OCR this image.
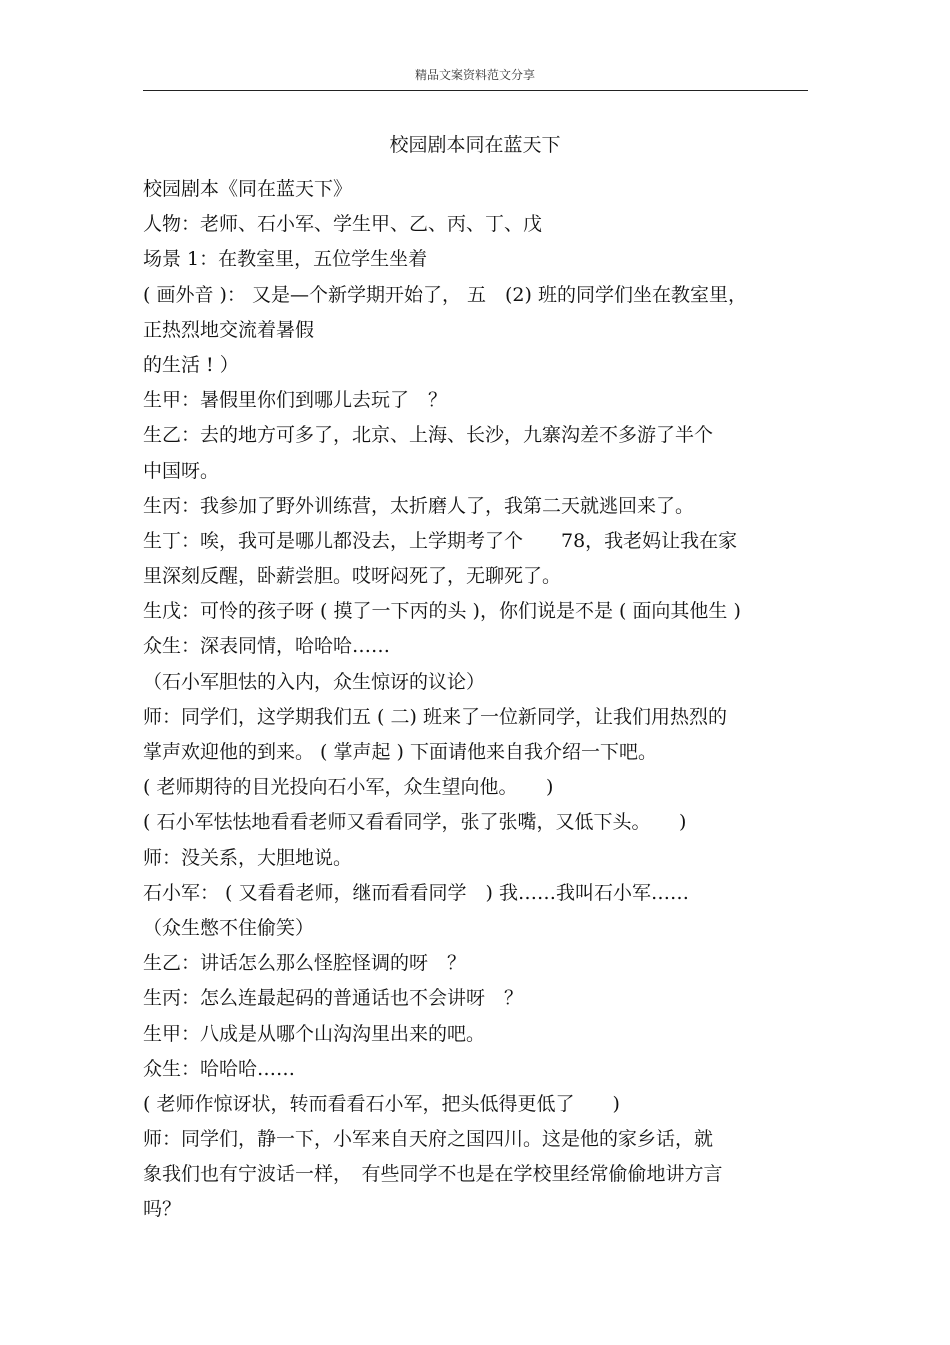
精品文案资料范文分享
校园剧本同在蓝天下
校园剧本《同在蓝天下》
人物：老师、石小军、学生甲、乙、丙、丁、戊
场景 1：在教室里，五位学生坐着
( 画外音 )： 又是—个新学期开始了， 五　(2) 班的同学们坐在教室里，
正热烈地交流着暑假
的生活 ! ）
生甲：暑假里你们到哪儿去玩了　？
生乙：去的地方可多了，北京、上海、长沙，九寨沟差不多游了半个
中国呀。
生丙：我参加了野外训练营，太折磨人了，我第二天就逃回来了。
生丁：唉，我可是哪儿都没去，上学期考了个　　78，我老妈让我在家
里深刻反醒，卧薪尝胆。哎呀闷死了，无聊死了。
生戊：可怜的孩子呀 ( 摸了一下丙的头 )，你们说是不是 ( 面向其他生 )
众生：深表同情，哈哈哈……
（石小军胆怯的入内，众生惊讶的议论）
师：同学们，这学期我们五 ( 二) 班来了一位新同学，让我们用热烈的
掌声欢迎他的到来。 ( 掌声起 ) 下面请他来自我介绍一下吧。
( 老师期待的目光投向石小军，众生望向他。　　)
( 石小军怯怯地看看老师又看看同学，张了张嘴，又低下头。　　)
师：没关系，大胆地说。
石小军： ( 又看看老师，继而看看同学　) 我……我叫石小军……
（众生憋不住偷笑）
生乙：讲话怎么那么怪腔怪调的呀　？
生丙：怎么连最起码的普通话也不会讲呀　？
生甲：八成是从哪个山沟沟里出来的吧。
众生：哈哈哈……
( 老师作惊讶状，转而看看石小军，把头低得更低了　　)
师：同学们，静一下，小军来自天府之国四川。这是他的家乡话，就
象我们也有宁波话一样，　有些同学不也是在学校里经常偷偷地讲方言
吗？
